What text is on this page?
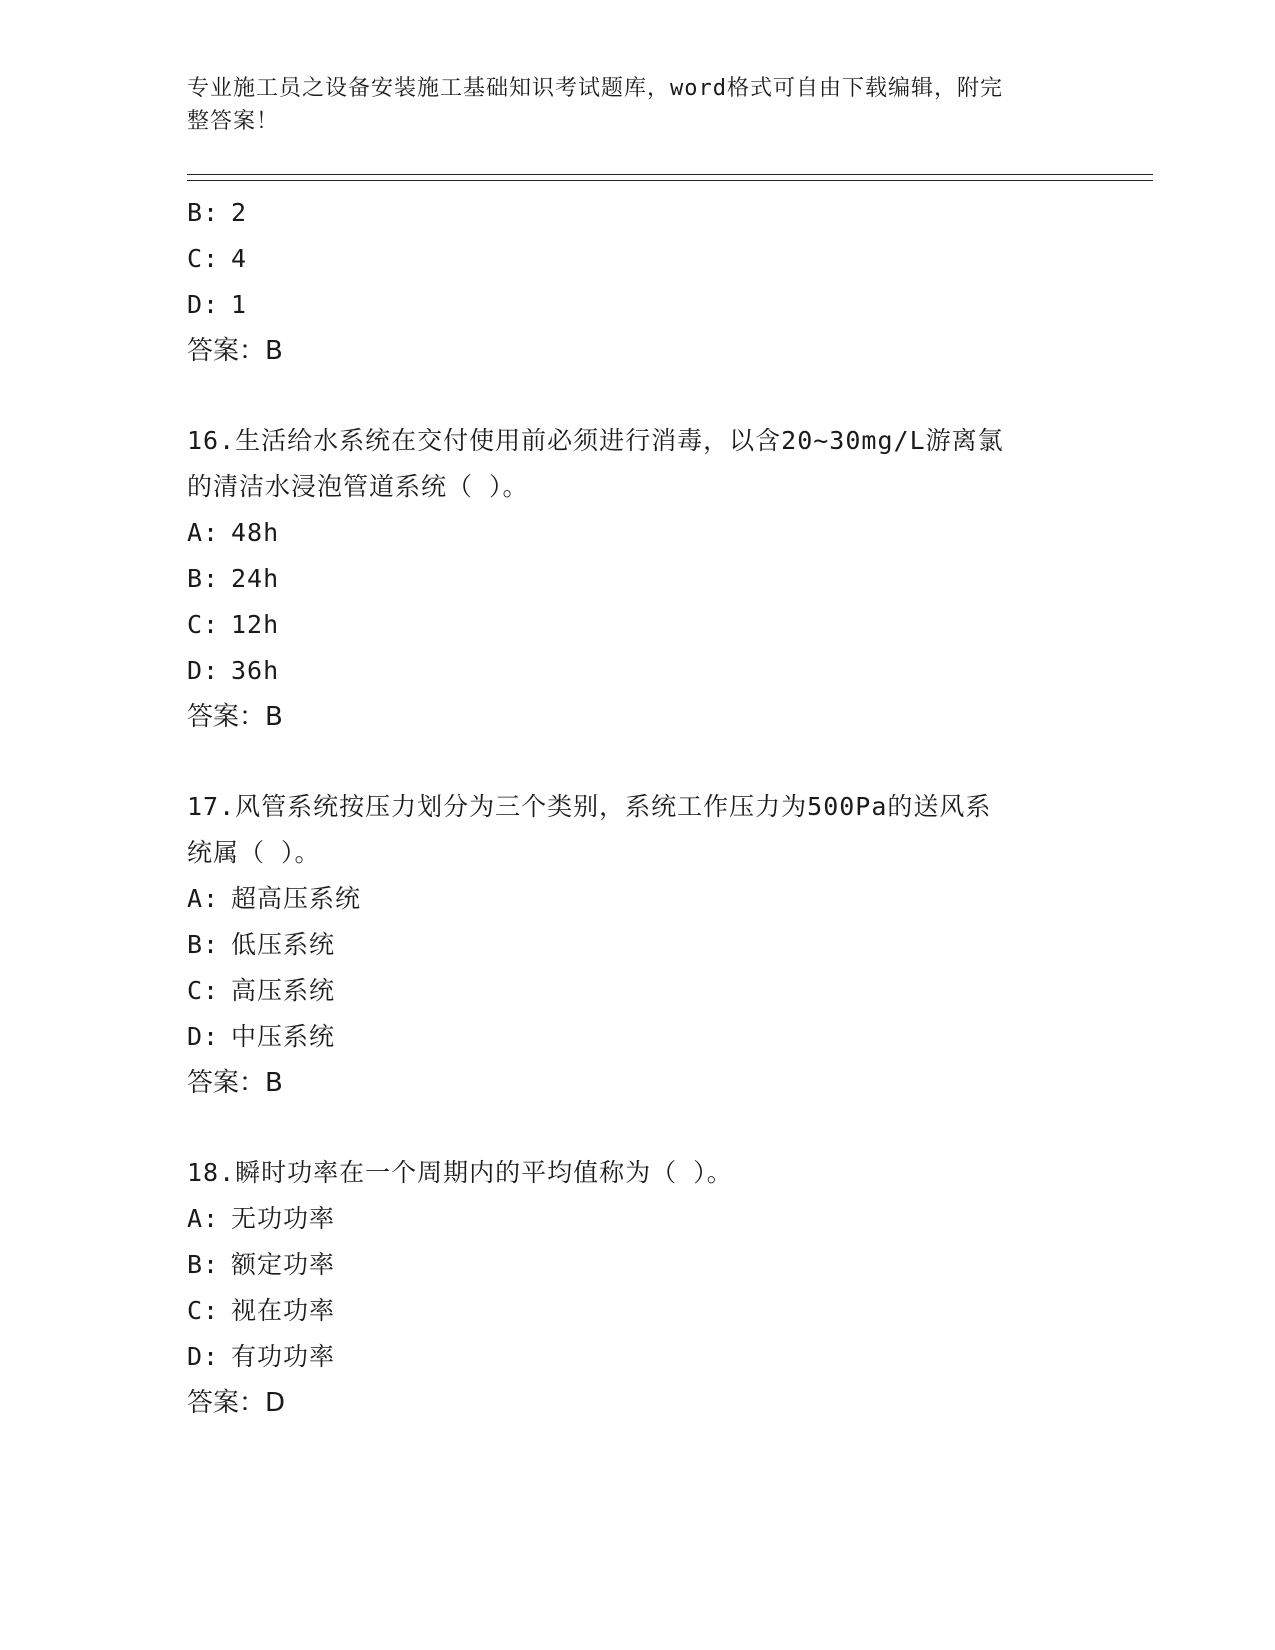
专业施工员之设备安装施工基础知识考试题库，word格式可自由下载编辑，附完
整答案！
B: 2
C: 4
D: 1
答案：B
16.生活给水系统在交付使用前必须进行消毒，以含20~30mg/L游离氯
的清洁水浸泡管道系统（ ）。
A: 48h
B: 24h
C: 12h
D: 36h
答案：B
17.风管系统按压力划分为三个类别，系统工作压力为500Pa的送风系
统属（ ）。
A: 超高压系统
B: 低压系统
C: 高压系统
D: 中压系统
答案：B
18.瞬时功率在一个周期内的平均值称为（ ）。
A: 无功功率
B: 额定功率
C: 视在功率
D: 有功功率
答案：D
